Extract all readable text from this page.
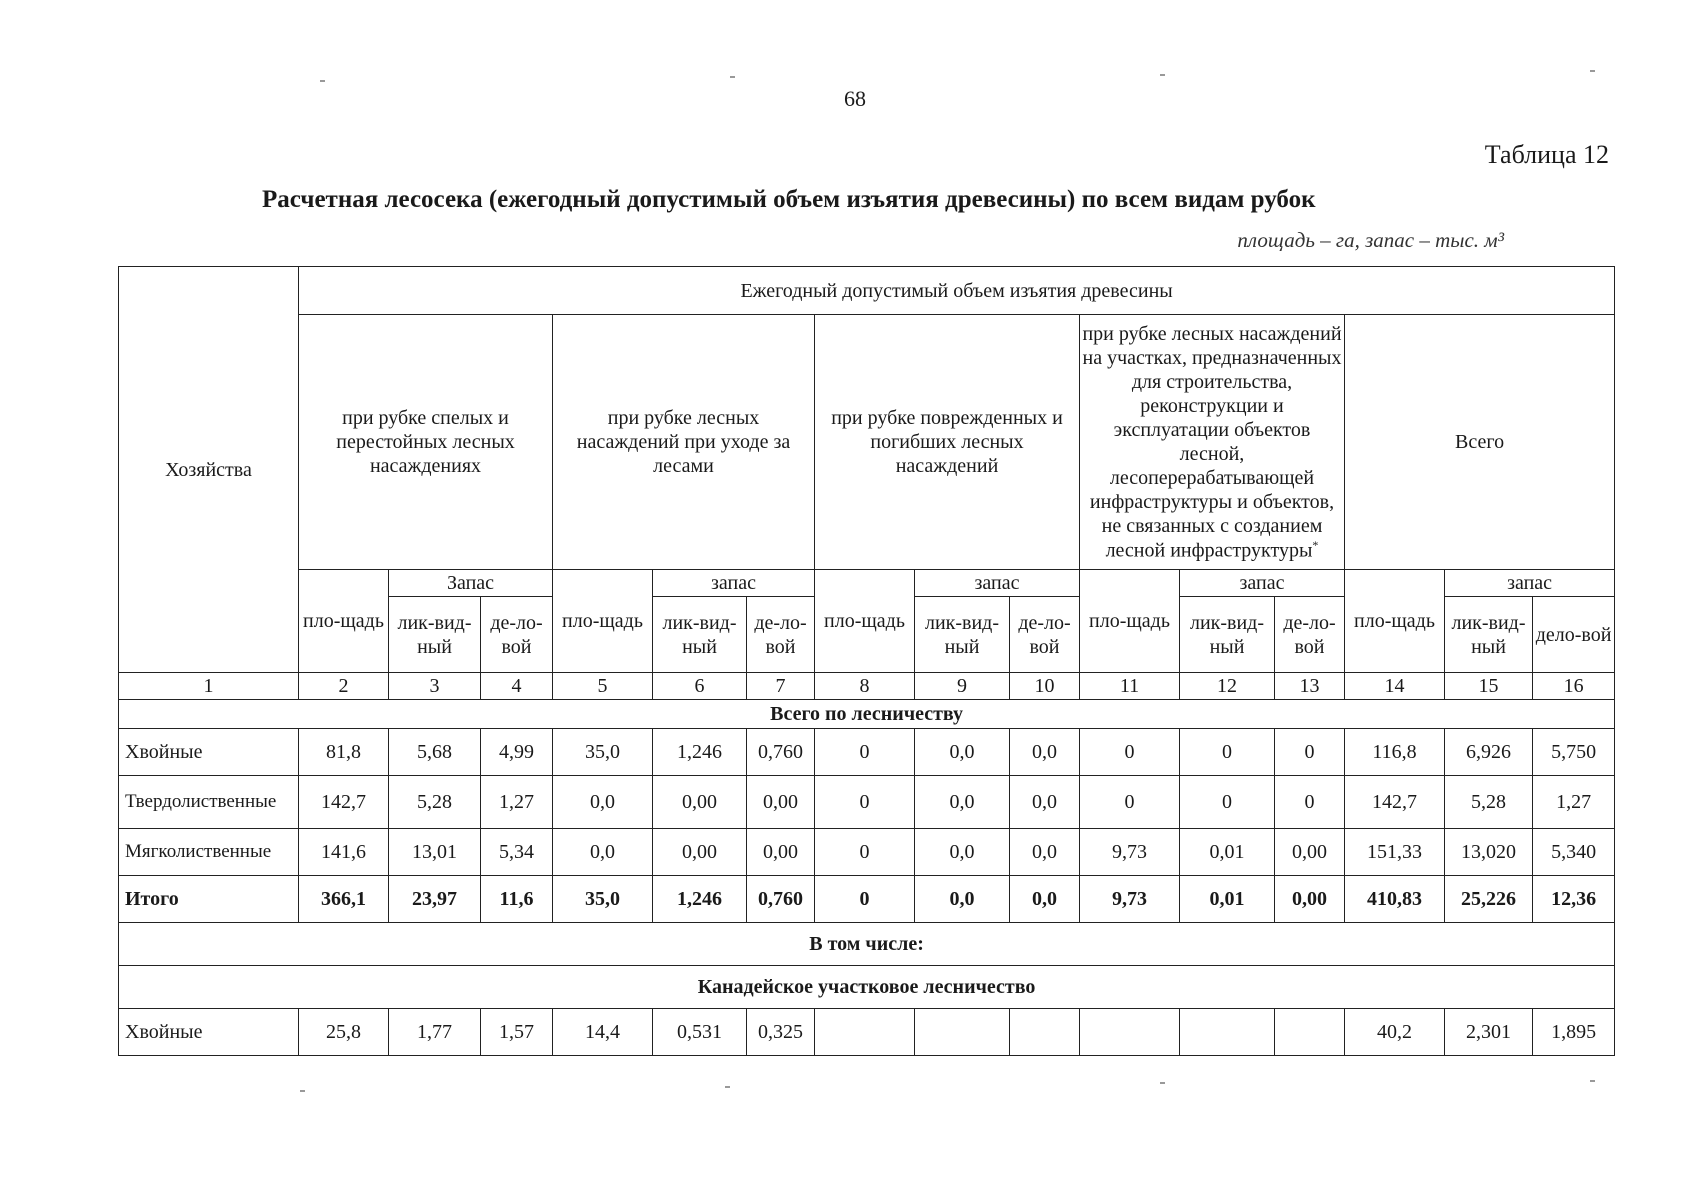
68
Таблица 12
Расчетная лесосека (ежегодный допустимый объем изъятия древесины) по всем видам рубок
площадь – га, запас – тыс. м³
Хозяйства	Ежегодный допустимый объем изъятия древесины														
	при рубке спелых и перестойных лесных насаждениях			при рубке лесных насаждений при уходе за лесами			при рубке поврежденных и погибших лесных насаждений			при рубке лесных насаждений на участках, предназначенных для строительства, реконструкции и эксплуатации объектов лесной, лесоперерабатывающей инфраструктуры и объектов, не связанных с созданием лесной инфраструктуры*			Всего		
	пло-щадь	Запас		пло-щадь	запас		пло-щадь	запас		пло-щадь	запас		пло-щадь	запас	
		лик-вид-ный	де-ло-вой		лик-вид-ный	де-ло-вой		лик-вид-ный	де-ло-вой		лик-вид-ный	де-ло-вой		лик-вид-ный	дело-вой
1	2	3	4	5	6	7	8	9	10	11	12	13	14	15	16
Всего по лесничеству															
Хвойные	81,8	5,68	4,99	35,0	1,246	0,760	0	0,0	0,0	0	0	0	116,8	6,926	5,750
Твердолиственные	142,7	5,28	1,27	0,0	0,00	0,00	0	0,0	0,0	0	0	0	142,7	5,28	1,27
Мягколиственные	141,6	13,01	5,34	0,0	0,00	0,00	0	0,0	0,0	9,73	0,01	0,00	151,33	13,020	5,340
Итого	366,1	23,97	11,6	35,0	1,246	0,760	0	0,0	0,0	9,73	0,01	0,00	410,83	25,226	12,36
В том числе:															
Канадейское участковое лесничество															
Хвойные	25,8	1,77	1,57	14,4	0,531	0,325							40,2	2,301	1,895
